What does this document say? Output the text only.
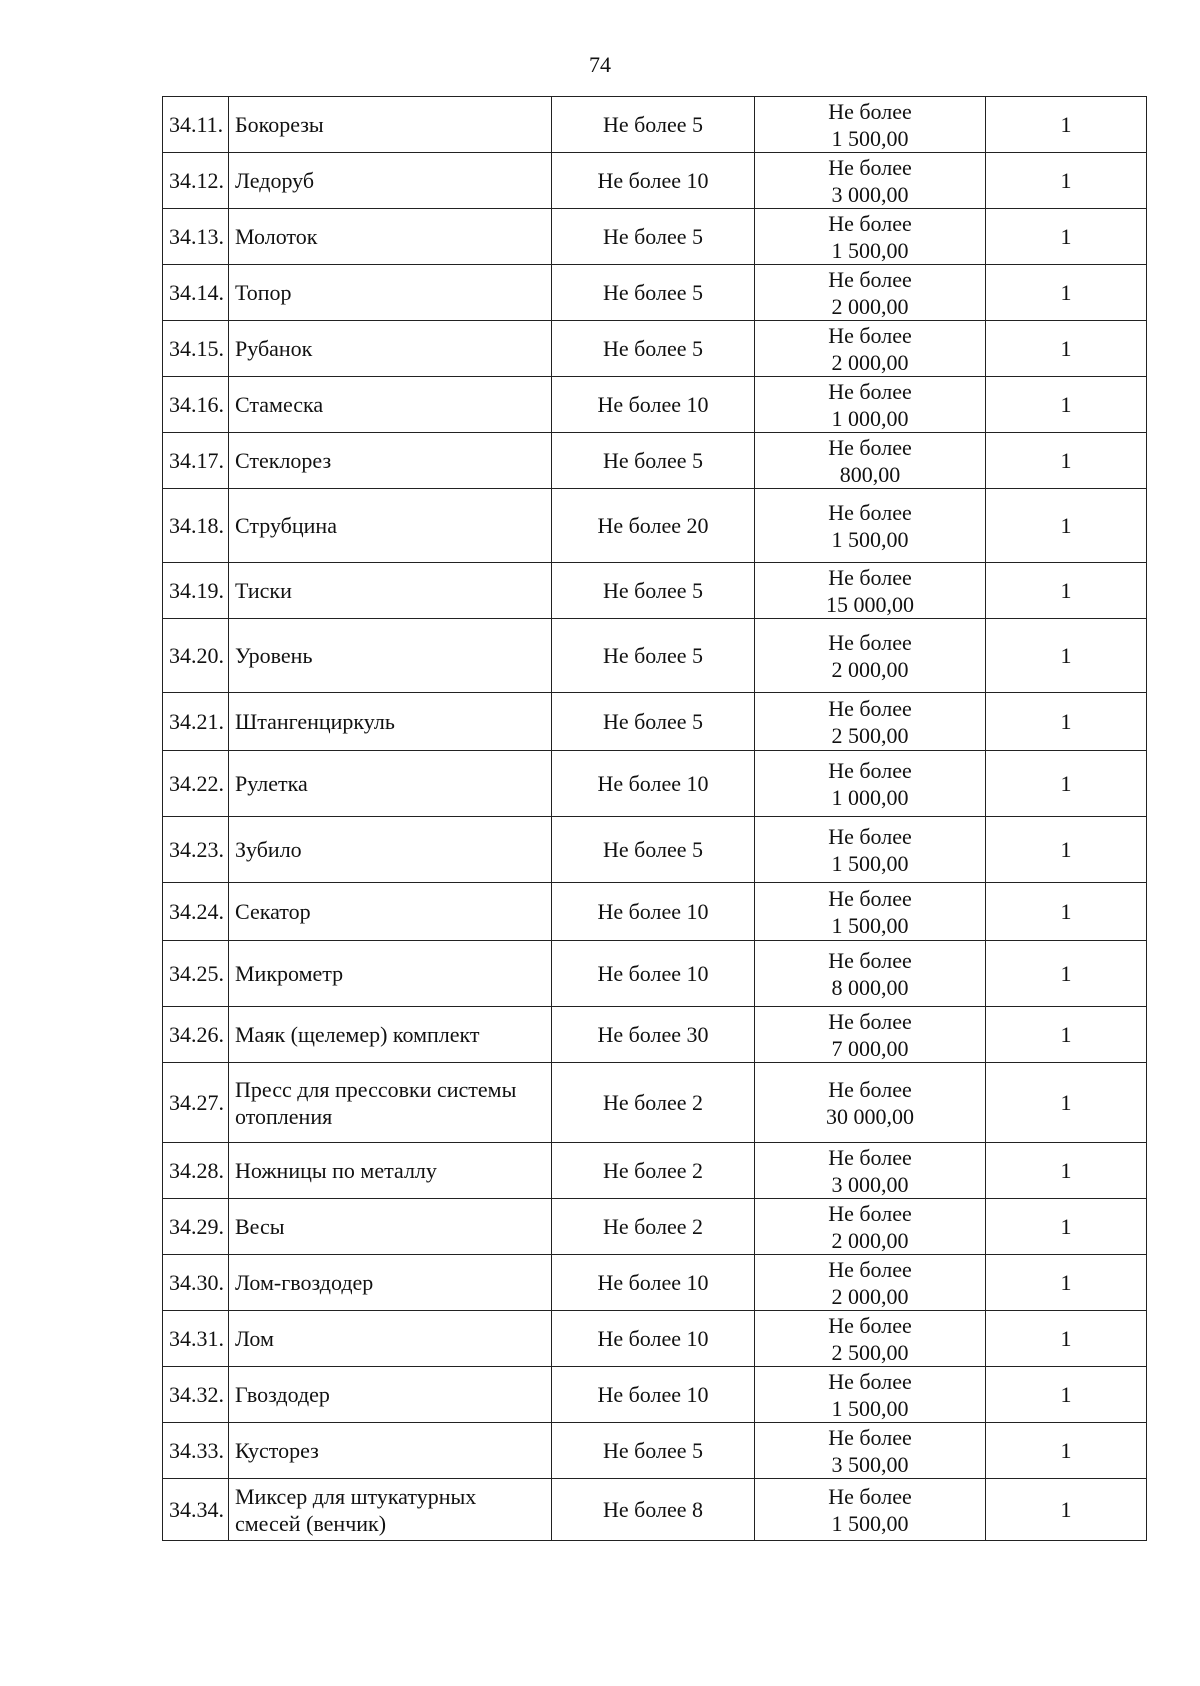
74
34.11.	Бокорезы	Не более 5	Не более
1 500,00	1
34.12.	Ледоруб	Не более 10	Не более
3 000,00	1
34.13.	Молоток	Не более 5	Не более
1 500,00	1
34.14.	Топор	Не более 5	Не более
2 000,00	1
34.15.	Рубанок	Не более 5	Не более
2 000,00	1
34.16.	Стамеска	Не более 10	Не более
1 000,00	1
34.17.	Стеклорез	Не более 5	Не более
800,00	1
34.18.	Струбцина	Не более 20	Не более
1 500,00	1
34.19.	Тиски	Не более 5	Не более
15 000,00	1
34.20.	Уровень	Не более 5	Не более
2 000,00	1
34.21.	Штангенциркуль	Не более 5	Не более
2 500,00	1
34.22.	Рулетка	Не более 10	Не более
1 000,00	1
34.23.	Зубило	Не более 5	Не более
1 500,00	1
34.24.	Секатор	Не более 10	Не более
1 500,00	1
34.25.	Микрометр	Не более 10	Не более
8 000,00	1
34.26.	Маяк (щелемер) комплект	Не более 30	Не более
7 000,00	1
34.27.	Пресс для прессовки системы отопления	Не более 2	Не более
30 000,00	1
34.28.	Ножницы по металлу	Не более 2	Не более
3 000,00	1
34.29.	Весы	Не более 2	Не более
2 000,00	1
34.30.	Лом-гвоздодер	Не более 10	Не более
2 000,00	1
34.31.	Лом	Не более 10	Не более
2 500,00	1
34.32.	Гвоздодер	Не более 10	Не более
1 500,00	1
34.33.	Кусторез	Не более 5	Не более
3 500,00	1
34.34.	Миксер для штукатурных смесей (венчик)	Не более 8	Не более
1 500,00	1
